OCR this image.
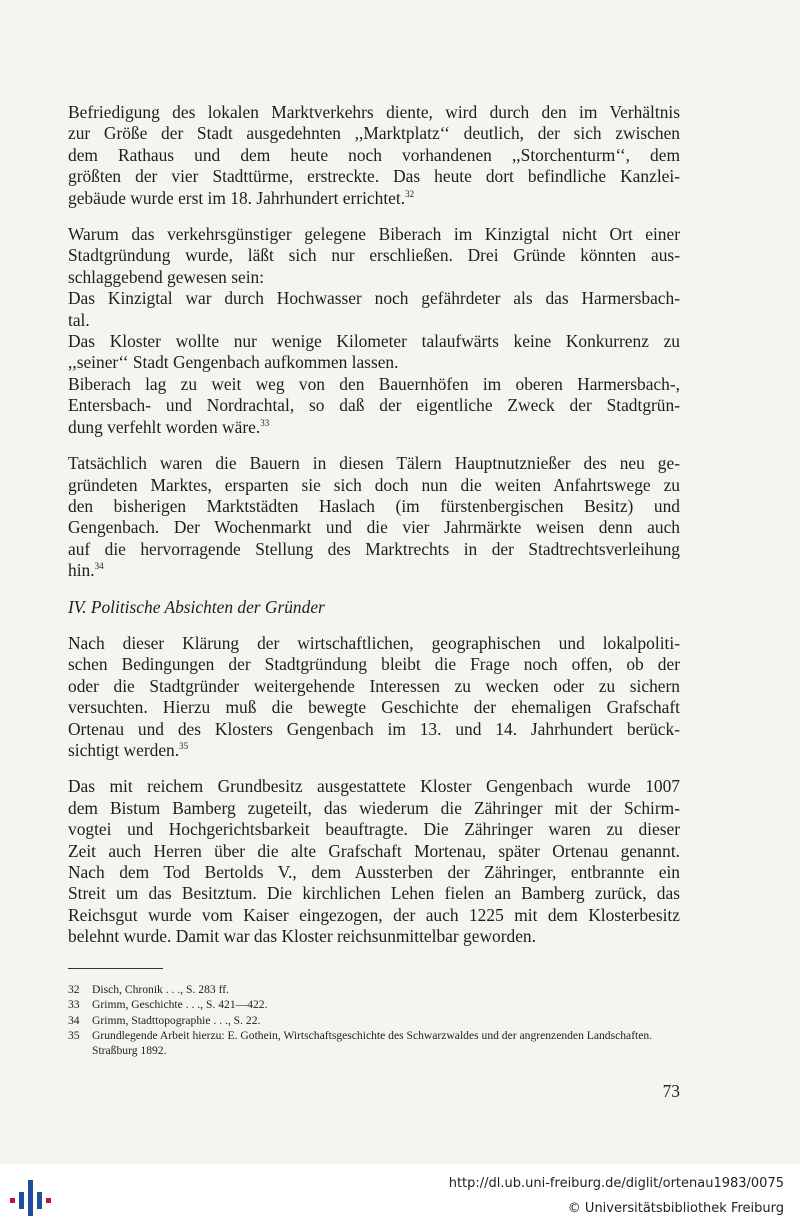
Befriedigung des lokalen Marktverkehrs diente, wird durch den im Verhältnis
zur Größe der Stadt ausgedehnten ,,Marktplatz‘‘ deutlich, der sich zwischen
dem Rathaus und dem heute noch vorhandenen ,,Storchenturm‘‘, dem
größten der vier Stadttürme, erstreckte. Das heute dort befindliche Kanzlei-
gebäude wurde erst im 18. Jahrhundert errichtet.$^{32}$
Warum das verkehrsgünstiger gelegene Biberach im Kinzigtal nicht Ort einer
Stadtgründung wurde, läßt sich nur erschließen. Drei Gründe könnten aus-
schlaggebend gewesen sein:
Das Kinzigtal war durch Hochwasser noch gefährdeter als das Harmersbach-
tal.
Das Kloster wollte nur wenige Kilometer talaufwärts keine Konkurrenz zu
,,seiner‘‘ Stadt Gengenbach aufkommen lassen.
Biberach lag zu weit weg von den Bauernhöfen im oberen Harmersbach-,
Entersbach- und Nordrachtal, so daß der eigentliche Zweck der Stadtgrün-
dung verfehlt worden wäre.$^{33}$
Tatsächlich waren die Bauern in diesen Tälern Hauptnutznießer des neu ge-
gründeten Marktes, ersparten sie sich doch nun die weiten Anfahrtswege zu
den bisherigen Marktstädten Haslach (im fürstenbergischen Besitz) und
Gengenbach. Der Wochenmarkt und die vier Jahrmärkte weisen denn auch
auf die hervorragende Stellung des Marktrechts in der Stadtrechtsverleihung
hin.$^{34}$
IV. Politische Absichten der Gründer
Nach dieser Klärung der wirtschaftlichen, geographischen und lokalpoliti-
schen Bedingungen der Stadtgründung bleibt die Frage noch offen, ob der
oder die Stadtgründer weitergehende Interessen zu wecken oder zu sichern
versuchten. Hierzu muß die bewegte Geschichte der ehemaligen Grafschaft
Ortenau und des Klosters Gengenbach im 13. und 14. Jahrhundert berück-
sichtigt werden.$^{35}$
Das mit reichem Grundbesitz ausgestattete Kloster Gengenbach wurde 1007
dem Bistum Bamberg zugeteilt, das wiederum die Zähringer mit der Schirm-
vogtei und Hochgerichtsbarkeit beauftragte. Die Zähringer waren zu dieser
Zeit auch Herren über die alte Grafschaft Mortenau, später Ortenau genannt.
Nach dem Tod Bertolds V., dem Aussterben der Zähringer, entbrannte ein
Streit um das Besitztum. Die kirchlichen Lehen fielen an Bamberg zurück, das
Reichsgut wurde vom Kaiser eingezogen, der auch 1225 mit dem Klosterbesitz
belehnt wurde. Damit war das Kloster reichsunmittelbar geworden.
32	Disch, Chronik . . ., S. 283 ff.
33	Grimm, Geschichte . . ., S. 421—422.
34	Grimm, Stadttopographie . . ., S. 22.
35	Grundlegende Arbeit hierzu: E. Gothein, Wirtschaftsgeschichte des Schwarzwaldes und der angrenzenden Landschaften. Straßburg 1892.
73
http://dl.ub.uni-freiburg.de/diglit/ortenau1983/0075
© Universitätsbibliothek Freiburg
